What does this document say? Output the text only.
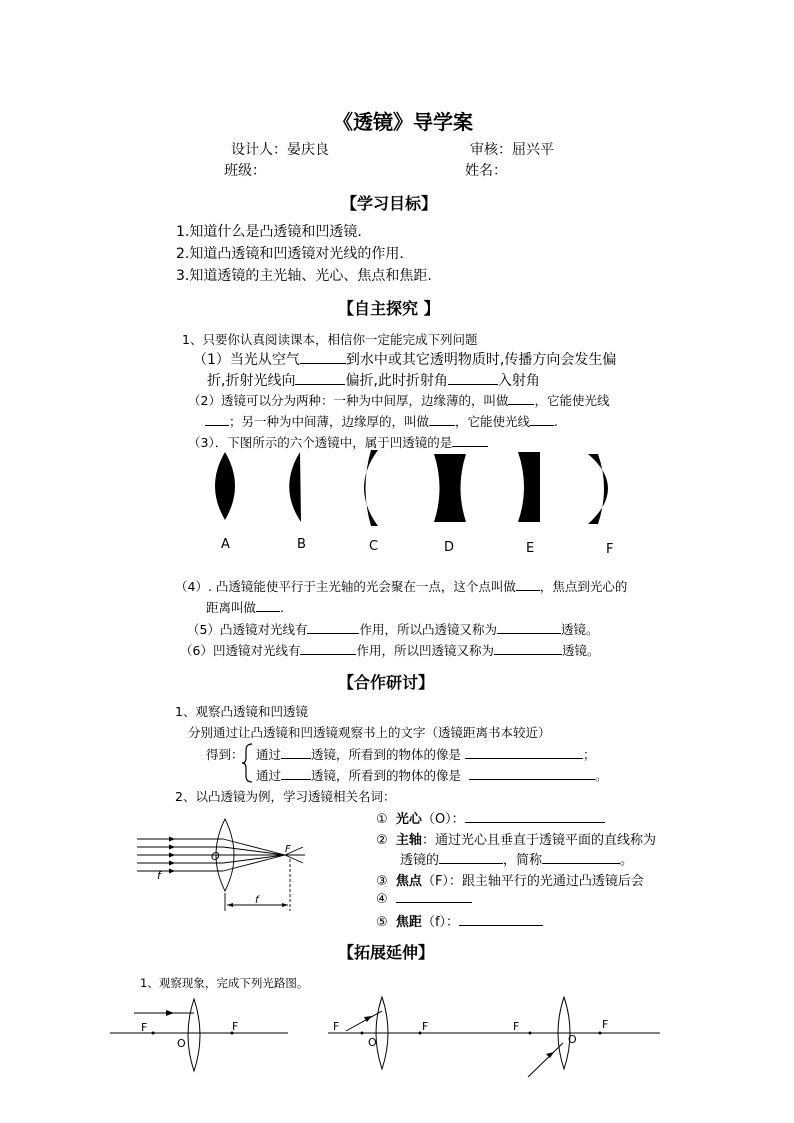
《透镜》导学案
设计人：晏庆良	审核：屈兴平
班级：	姓名：
【学习目标】
1.知道什么是凸透镜和凹透镜.
2.知道凸透镜和凹透镜对光线的作用.
3.知道透镜的主光轴、光心、焦点和焦距.
【自主探究 】
1、只要你认真阅读课本，相信你一定能完成下列问题
（1）当光从空气	到水中或其它透明物质时,传播方向会发生偏
折,折射光线向	偏折,此时折射角	入射角
（2）透镜可以分为两种：一种为中间厚，边缘薄的，叫做 ，它能使光线
；另一种为中间薄，边缘厚的，叫做 ，它能使光线 .
（3）．下图所示的六个透镜中，属于凹透镜的是
A	B	C	D	E	F
（4）. 凸透镜能使平行于主光轴的光会聚在一点，这个点叫做 ，焦点到光心的
距离叫做 .
（5）凸透镜对光线有	作用，所以凸透镜又称为	透镜。
（6）凹透镜对光线有	作用，所以凹透镜又称为	透镜。
【合作研讨】
1、观察凸透镜和凹透镜
分别通过让凸透镜和凹透镜观察书上的文字（透镜距离书本较近）
得到： 通过 透镜，所看到的物体的像是	；
通过 透镜，所看到的物体的像是	。
2、以凸透镜为例，学习透镜相关名词：
O
F
f
f
① 光心（O）：
② 主轴：通过光心且垂直于透镜平面的直线称为
透镜的	，简称	。
③ 焦点（F）：跟主轴平行的光通过凸透镜后会
④
⑤ 焦距（f）：
【拓展延伸】
1、观察现象，完成下列光路图。
F	F
O
F	F
O
F	F
O
